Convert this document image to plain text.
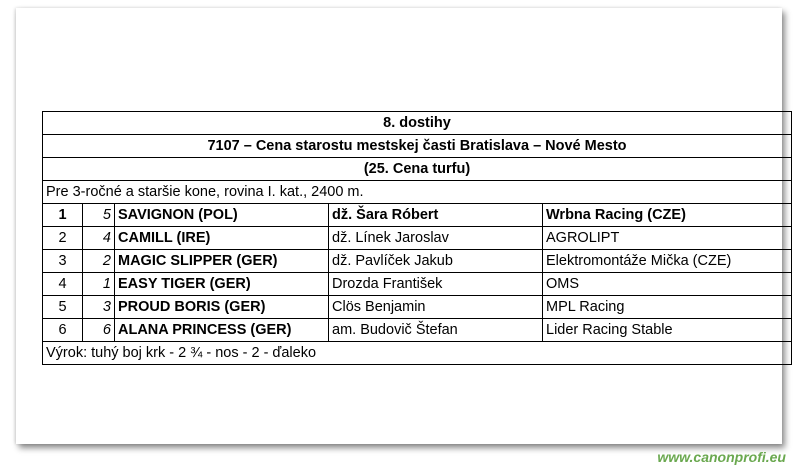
8. dostihy				
7107 – Cena starostu mestskej časti Bratislava – Nové Mesto				
(25. Cena turfu)				
Pre 3-ročné a staršie kone, rovina I. kat., 2400 m.				
1	5	SAVIGNON (POL)	dž. Šara Róbert	Wrbna Racing (CZE)
2	4	CAMILL (IRE)	dž. Línek Jaroslav	AGROLIPT
3	2	MAGIC SLIPPER (GER)	dž. Pavlíček Jakub	Elektromontáže Mička (CZE)
4	1	EASY TIGER (GER)	Drozda František	OMS
5	3	PROUD BORIS (GER)	Clös Benjamin	MPL Racing
6	6	ALANA PRINCESS (GER)	am. Budovič Štefan	Lider Racing Stable
Výrok: tuhý boj krk - 2 ¾ - nos - 2 - ďaleko				
www.canonprofi.eu
